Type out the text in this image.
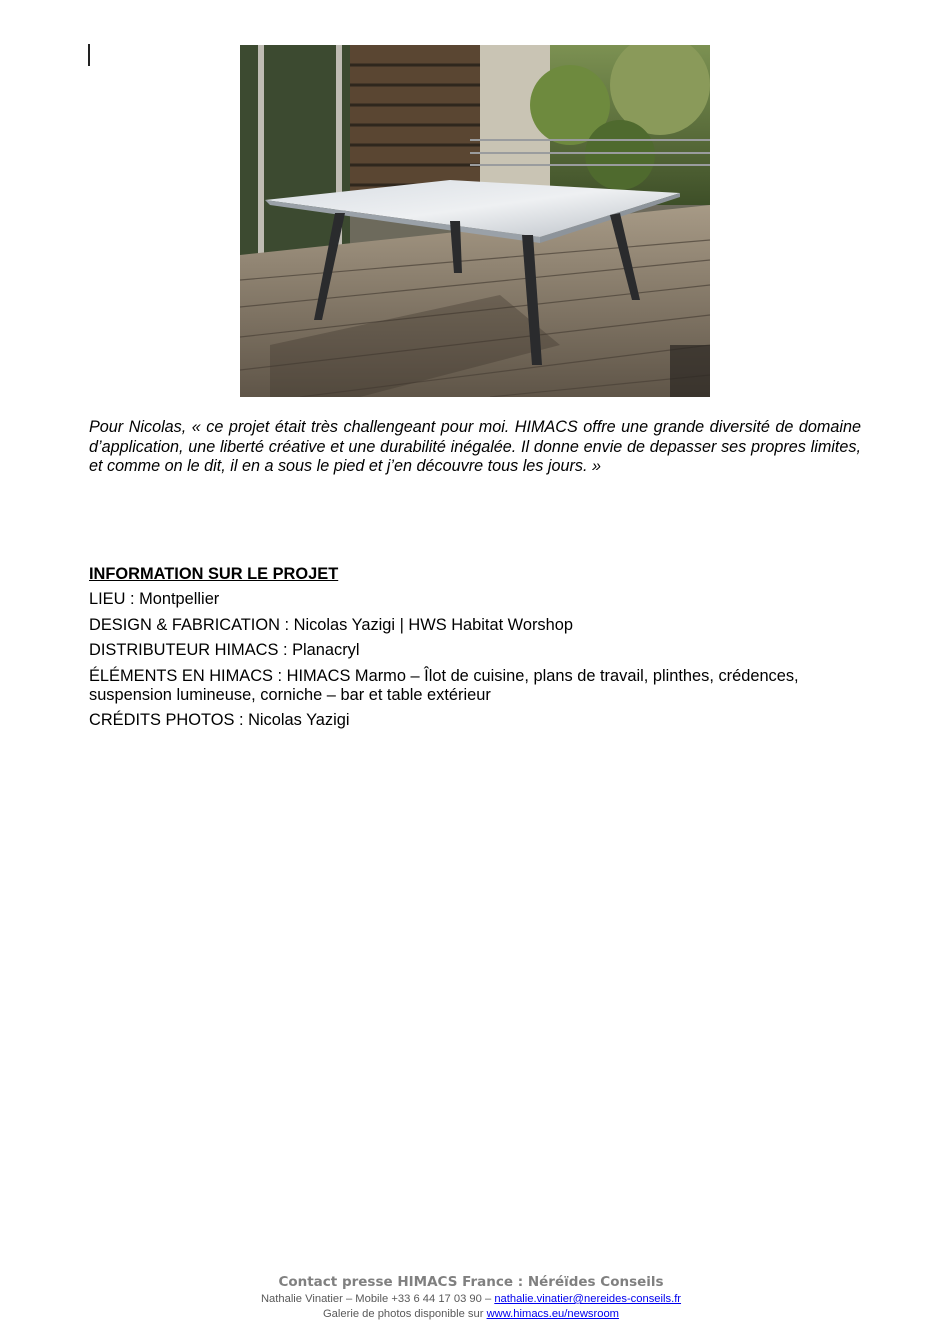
Pour Nicolas, « ce projet était très challengeant pour moi. HIMACS offre une grande diversité de domaine d’application, une liberté créative et une durabilité inégalée. Il donne envie de depasser ses propres limites, et comme on le dit, il en a sous le pied et j’en découvre tous les jours. »

INFORMATION SUR LE PROJET
LIEU : Montpellier
DESIGN & FABRICATION : Nicolas Yazigi | HWS Habitat Worshop
DISTRIBUTEUR HIMACS : Planacryl
ÉLÉMENTS EN HIMACS : HIMACS Marmo – Îlot de cuisine, plans de travail, plinthes, crédences, suspension lumineuse, corniche – bar et table extérieur
CRÉDITS PHOTOS : Nicolas Yazigi
Contact presse HIMACS France : Néréïdes Conseils
Nathalie Vinatier – Mobile +33 6 44 17 03 90 – nathalie.vinatier@nereides-conseils.fr
Galerie de photos disponible sur www.himacs.eu/newsroom
